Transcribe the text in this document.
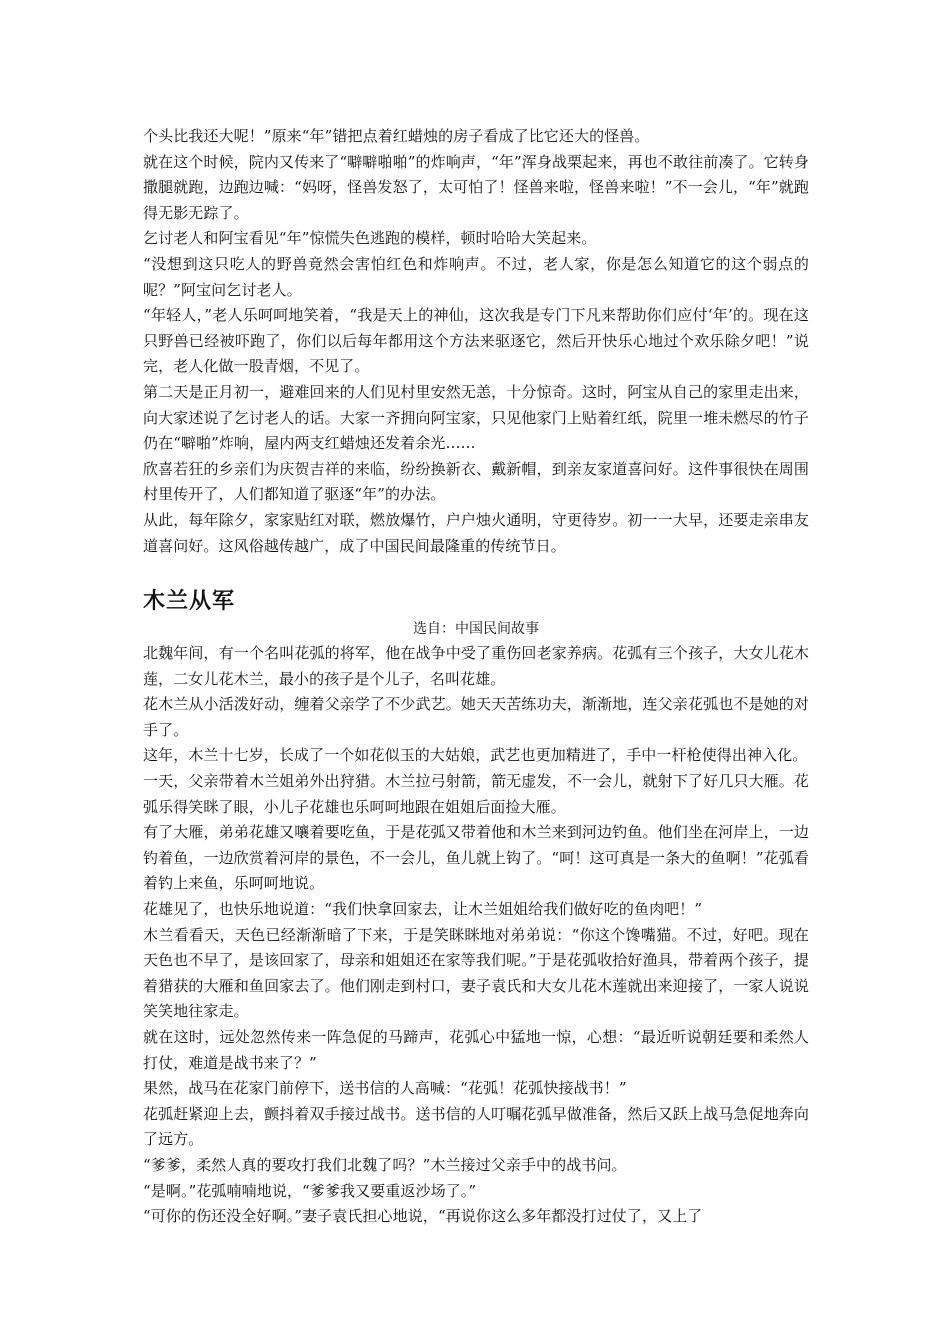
个头比我还大呢！”原来“年”错把点着红蜡烛的房子看成了比它还大的怪兽。

就在这个时候，院内又传来了“噼噼啪啪”的炸响声，“年”浑身战栗起来，再也不敢往前凑了。它转身撒腿就跑，边跑边喊：“妈呀，怪兽发怒了，太可怕了！怪兽来啦，怪兽来啦！”不一会儿，“年”就跑得无影无踪了。

乞讨老人和阿宝看见“年”惊慌失色逃跑的模样，顿时哈哈大笑起来。

“没想到这只吃人的野兽竟然会害怕红色和炸响声。不过，老人家，你是怎么知道它的这个弱点的呢？”阿宝问乞讨老人。

“年轻人，”老人乐呵呵地笑着，“我是天上的神仙，这次我是专门下凡来帮助你们应付‘年’的。现在这只野兽已经被吓跑了，你们以后每年都用这个方法来驱逐它，然后开快乐心地过个欢乐除夕吧！”说完，老人化做一股青烟，不见了。

第二天是正月初一，避难回来的人们见村里安然无恙，十分惊奇。这时，阿宝从自己的家里走出来，向大家述说了乞讨老人的话。大家一齐拥向阿宝家，只见他家门上贴着红纸，院里一堆未燃尽的竹子仍在“噼啪”炸响，屋内两支红蜡烛还发着余光……

欣喜若狂的乡亲们为庆贺吉祥的来临，纷纷换新衣、戴新帽，到亲友家道喜问好。这件事很快在周围村里传开了，人们都知道了驱逐“年”的办法。

从此，每年除夕，家家贴红对联，燃放爆竹，户户烛火通明，守更待岁。初一一大早，还要走亲串友道喜问好。这风俗越传越广，成了中国民间最隆重的传统节日。

木兰从军

选自：中国民间故事

北魏年间，有一个名叫花弧的将军，他在战争中受了重伤回老家养病。花弧有三个孩子，大女儿花木莲，二女儿花木兰，最小的孩子是个儿子，名叫花雄。

花木兰从小活泼好动，缠着父亲学了不少武艺。她天天苦练功夫，渐渐地，连父亲花弧也不是她的对手了。

这年，木兰十七岁，长成了一个如花似玉的大姑娘，武艺也更加精进了，手中一杆枪使得出神入化。

一天，父亲带着木兰姐弟外出狩猎。木兰拉弓射箭，箭无虚发，不一会儿，就射下了好几只大雁。花弧乐得笑眯了眼，小儿子花雄也乐呵呵地跟在姐姐后面捡大雁。

有了大雁，弟弟花雄又嚷着要吃鱼，于是花弧又带着他和木兰来到河边钓鱼。他们坐在河岸上，一边钓着鱼，一边欣赏着河岸的景色，不一会儿，鱼儿就上钩了。“呵！这可真是一条大的鱼啊！”花弧看着钓上来鱼，乐呵呵地说。

花雄见了，也快乐地说道：“我们快拿回家去，让木兰姐姐给我们做好吃的鱼肉吧！”

木兰看看天，天色已经渐渐暗了下来，于是笑眯眯地对弟弟说：“你这个馋嘴猫。不过，好吧。现在天色也不早了，是该回家了，母亲和姐姐还在家等我们呢。”于是花弧收拾好渔具，带着两个孩子，提着猎获的大雁和鱼回家去了。他们刚走到村口，妻子袁氏和大女儿花木莲就出来迎接了，一家人说说笑笑地往家走。

就在这时，远处忽然传来一阵急促的马蹄声，花弧心中猛地一惊，心想：“最近听说朝廷要和柔然人打仗，难道是战书来了？”

果然，战马在花家门前停下，送书信的人高喊：“花弧！花弧快接战书！”

花弧赶紧迎上去，颤抖着双手接过战书。送书信的人叮嘱花弧早做准备，然后又跃上战马急促地奔向了远方。

“爹爹，柔然人真的要攻打我们北魏了吗？”木兰接过父亲手中的战书问。

“是啊。”花弧喃喃地说，“爹爹我又要重返沙场了。”

“可你的伤还没全好啊。”妻子袁氏担心地说，“再说你这么多年都没打过仗了，又上了
